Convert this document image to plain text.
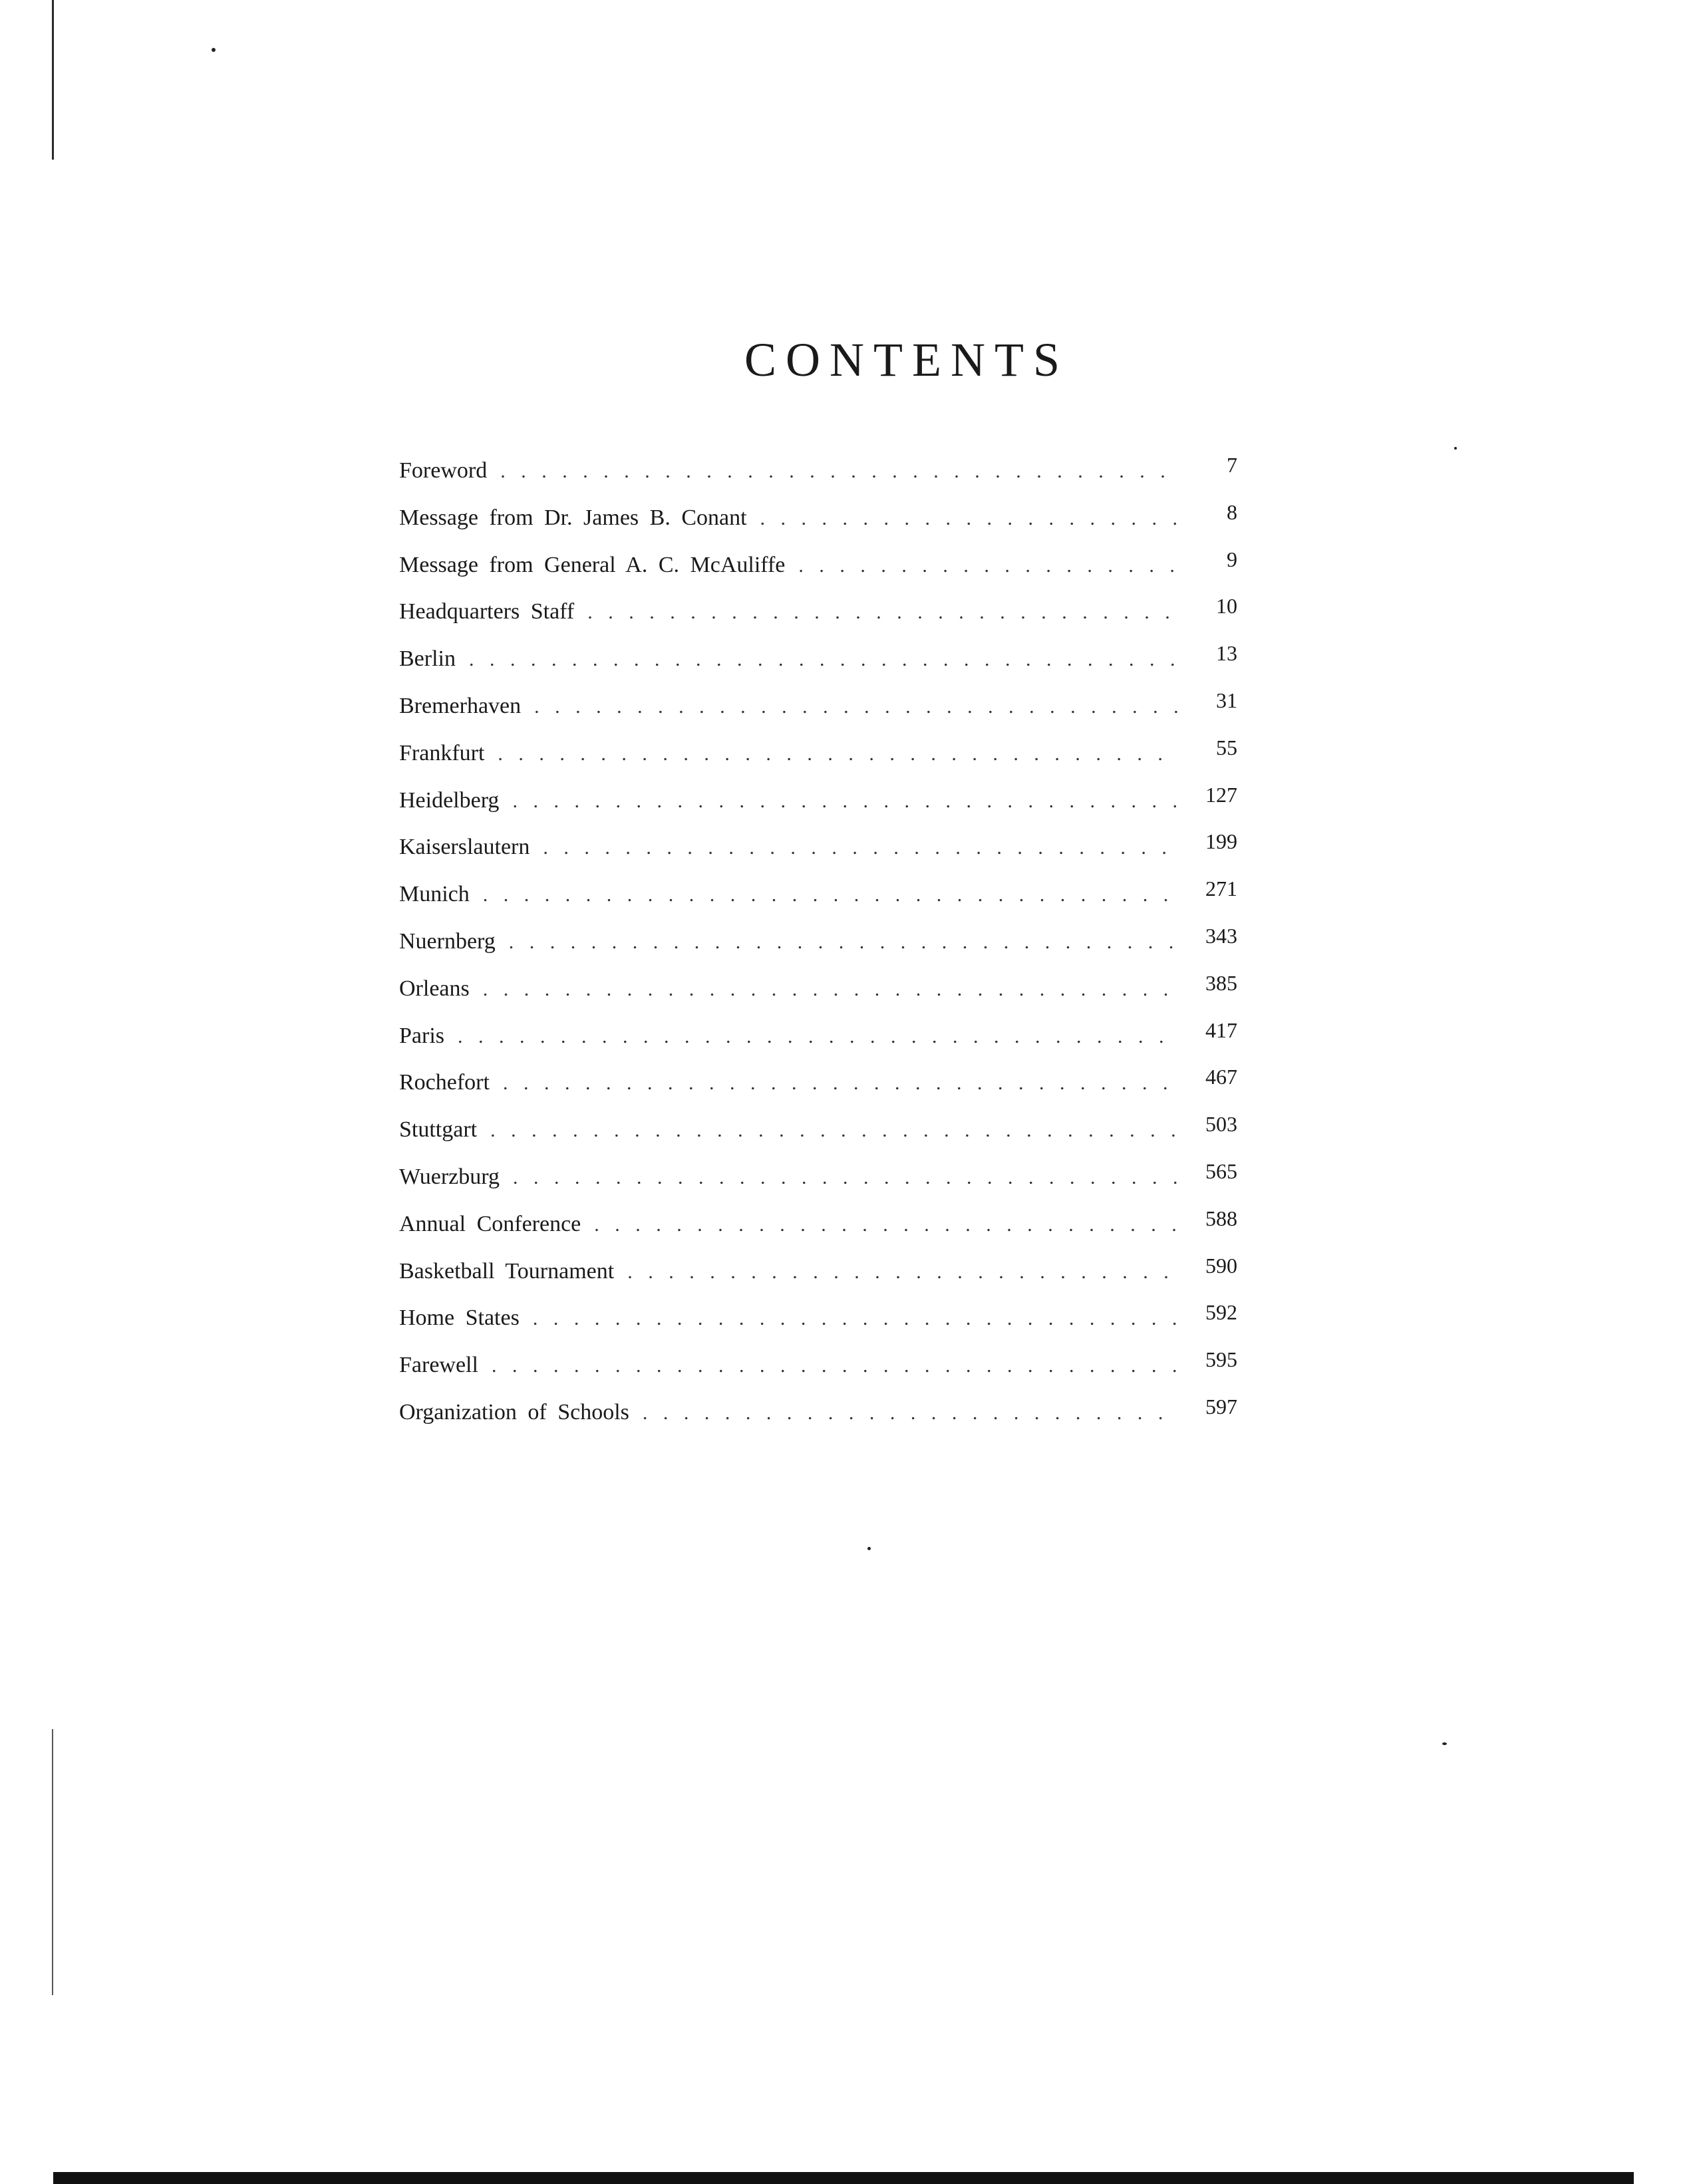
CONTENTS
Foreword . . .	7
Message from Dr. James B. Conant . . .	8
Message from General A. C. McAuliffe . . .	9
Headquarters Staff . . .	10
Berlin . . .	13
Bremerhaven . . .	31
Frankfurt . . .	55
Heidelberg . . .	127
Kaiserslautern . . .	199
Munich . . .	271
Nuernberg . . .	343
Orleans . . .	385
Paris . . .	417
Rochefort . . .	467
Stuttgart . . .	503
Wuerzburg . . .	565
Annual Conference . . .	588
Basketball Tournament . . .	590
Home States . . .	592
Farewell . . .	595
Organization of Schools . . .	597
